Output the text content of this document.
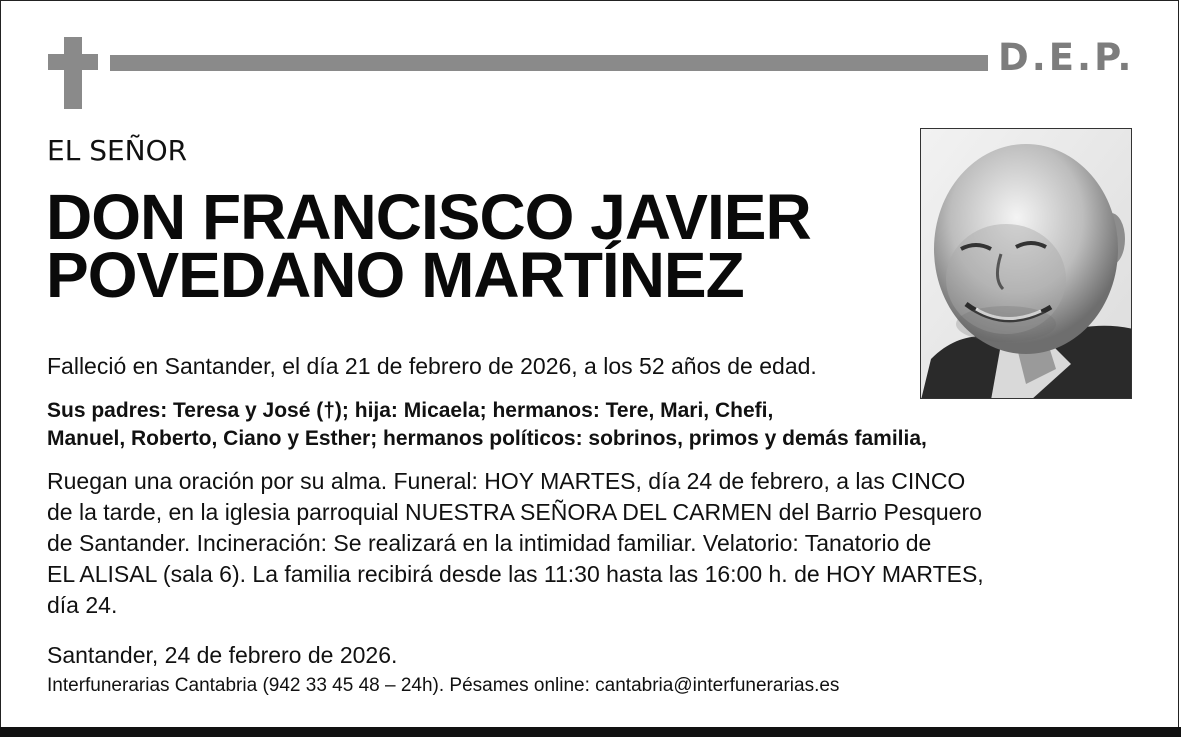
D.E.P.
EL SEÑOR
DON FRANCISCO JAVIER
POVEDANO MARTÍNEZ
Falleció en Santander, el día 21 de febrero de 2026, a los 52 años de edad.
Sus padres: Teresa y José (†); hija: Micaela; hermanos: Tere, Mari, Chefi,
Manuel, Roberto, Ciano y Esther; hermanos políticos: sobrinos, primos y demás familia,
Ruegan una oración por su alma. Funeral: HOY MARTES, día 24 de febrero, a las CINCO
de la tarde, en la iglesia parroquial NUESTRA SEÑORA DEL CARMEN del Barrio Pesquero
de Santander. Incineración: Se realizará en la intimidad familiar. Velatorio: Tanatorio de
EL ALISAL (sala 6). La familia recibirá desde las 11:30 hasta las 16:00 h. de HOY MARTES,
día 24.
Santander, 24 de febrero de 2026.
Interfunerarias Cantabria (942 33 45 48 – 24h). Pésames online: cantabria@interfunerarias.es
